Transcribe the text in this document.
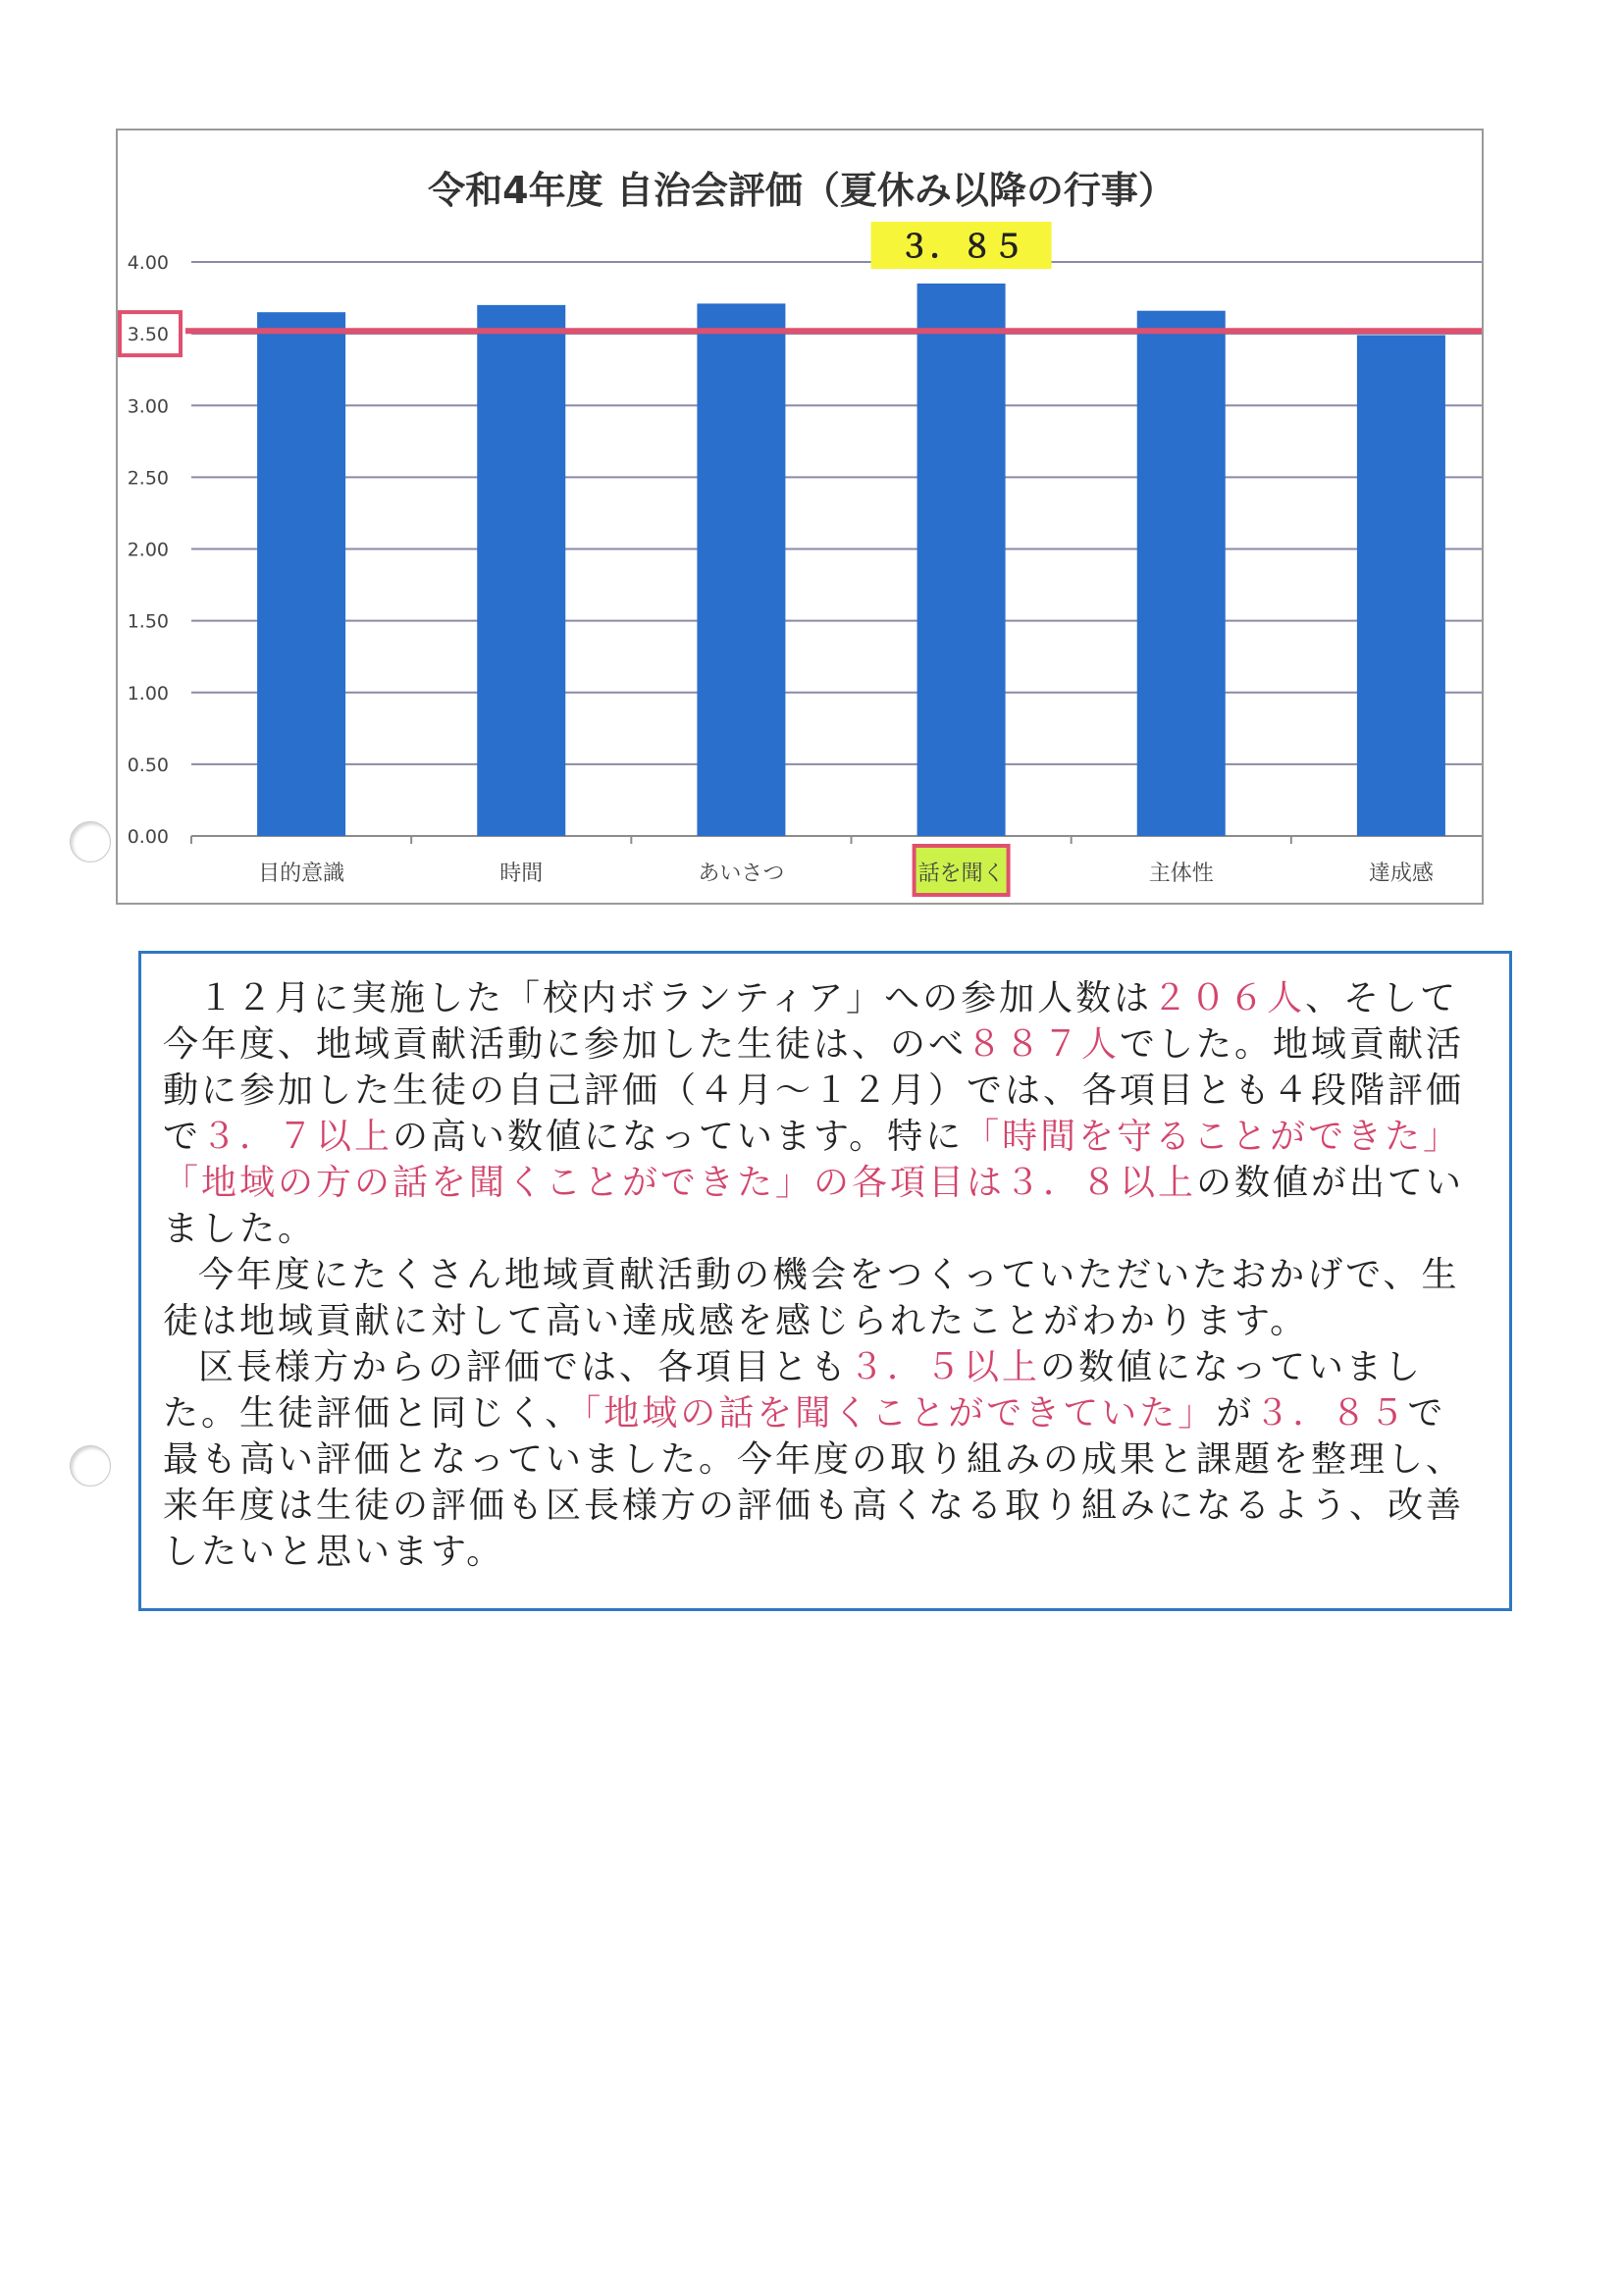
令和4年度 自治会評価（夏休み以降の行事）
0.00
0.50
1.00
1.50
2.00
2.50
3.00
3.50
4.00
目的意識	時間	あいさつ	話を聞く	主体性	達成感
３．８５

１２月に実施した「校内ボランティア」への参加人数は２０６人、そして今年度、地域貢献活動に参加した生徒は、のべ８８７人でした。地域貢献活動に参加した生徒の自己評価（４月～１２月）では、各項目とも４段階評価で３．７以上の高い数値になっています。特に「時間を守ることができた」「地域の方の話を聞くことができた」の各項目は３．８以上の数値が出ていました。

今年度にたくさん地域貢献活動の機会をつくっていただいたおかげで、生徒は地域貢献に対して高い達成感を感じられたことがわかります。

区長様方からの評価では、各項目とも３．５以上の数値になっていました。生徒評価と同じく、「地域の話を聞くことができていた」が３．８５で最も高い評価となっていました。今年度の取り組みの成果と課題を整理し、来年度は生徒の評価も区長様方の評価も高くなる取り組みになるよう、改善したいと思います。
